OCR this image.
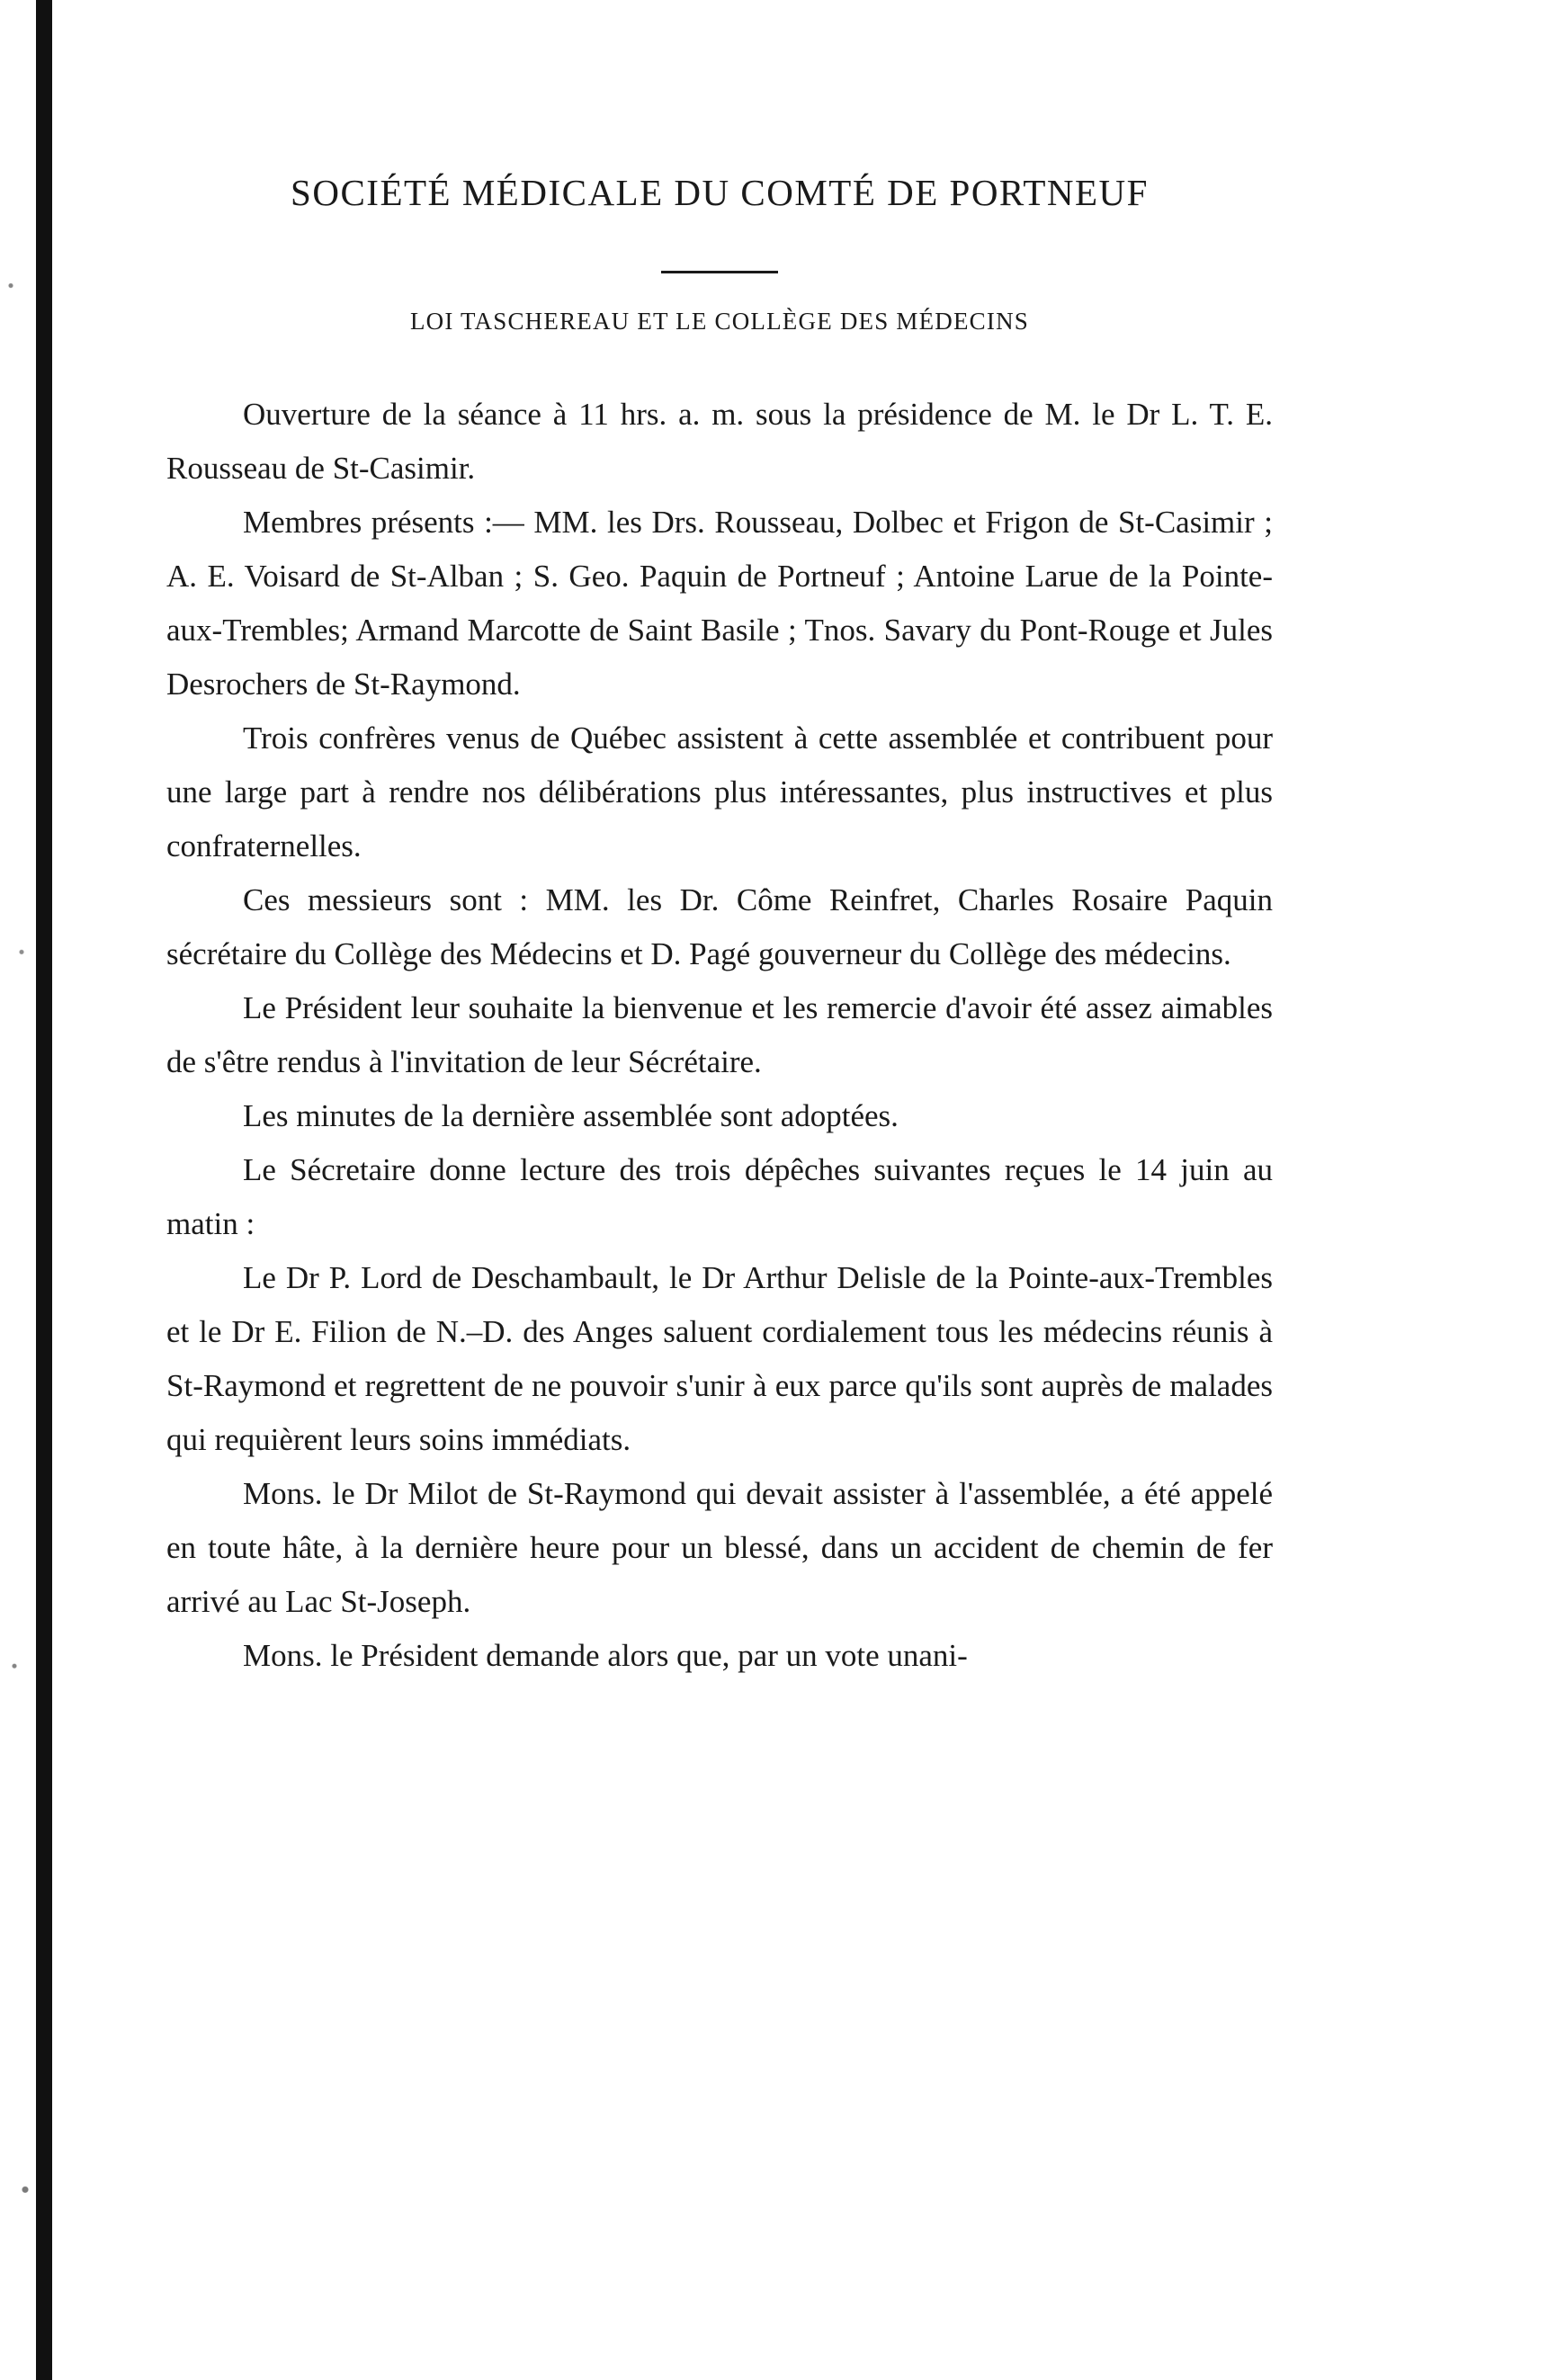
SOCIÉTÉ MÉDICALE DU COMTÉ DE PORTNEUF
LOI TASCHEREAU ET LE COLLÈGE DES MÉDECINS

Ouverture de la séance à 11 hrs. a. m. sous la présidence de M. le Dr L. T. E. Rousseau de St-Casimir.

Membres présents :— MM. les Drs. Rousseau, Dolbec et Frigon de St-Casimir ; A. E. Voisard de St-Alban ; S. Geo. Paquin de Portneuf ; Antoine Larue de la Pointe-aux-Trembles; Armand Marcotte de Saint Basile ; Tnos. Savary du Pont-Rouge et Jules Desrochers de St-Raymond.

Trois confrères venus de Québec assistent à cette assemblée et contribuent pour une large part à rendre nos délibérations plus intéressantes, plus instructives et plus confraternelles.

Ces messieurs sont : MM. les Dr. Côme Reinfret, Charles Rosaire Paquin sécrétaire du Collège des Médecins et D. Pagé gouverneur du Collège des médecins.

Le Président leur souhaite la bienvenue et les remercie d'avoir été assez aimables de s'être rendus à l'invitation de leur Sécrétaire.

Les minutes de la dernière assemblée sont adoptées.

Le Sécretaire donne lecture des trois dépêches suivantes reçues le 14 juin au matin :

Le Dr P. Lord de Deschambault, le Dr Arthur Delisle de la Pointe-aux-Trembles et le Dr E. Filion de N.–D. des Anges saluent cordialement tous les médecins réunis à St-Raymond et regrettent de ne pouvoir s'unir à eux parce qu'ils sont auprès de malades qui requièrent leurs soins immédiats.

Mons. le Dr Milot de St-Raymond qui devait assister à l'assemblée, a été appelé en toute hâte, à la dernière heure pour un blessé, dans un accident de chemin de fer arrivé au Lac St-Joseph.

Mons. le Président demande alors que, par un vote unani-
